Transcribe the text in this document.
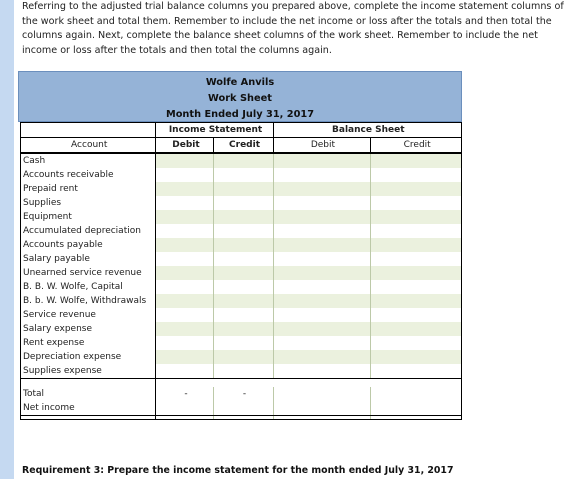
Referring to the adjusted trial balance columns you prepared above, complete the income statement columns of the work sheet and total them. Remember to include the net income or loss after the totals and then total the columns again. Next, complete the balance sheet columns of the work sheet. Remember to include the net income or loss after the totals and then total the columns again.
Wolfe Anvils
Work Sheet
Month Ended July 31, 2017
	Income Statement		Balance Sheet	
Account	Debit	Credit	Debit	Credit
Cash				
Accounts receivable				
Prepaid rent				
Supplies				
Equipment				
Accumulated depreciation				
Accounts payable				
Salary payable				
Unearned service revenue				
B. B. W. Wolfe, Capital				
B. b. W. Wolfe, Withdrawals				
Service revenue				
Salary expense				
Rent expense				
Depreciation expense				
Supplies expense				

Total	-	-		
Net income				

Requirement 3: Prepare the income statement for the month ended July 31, 2017
